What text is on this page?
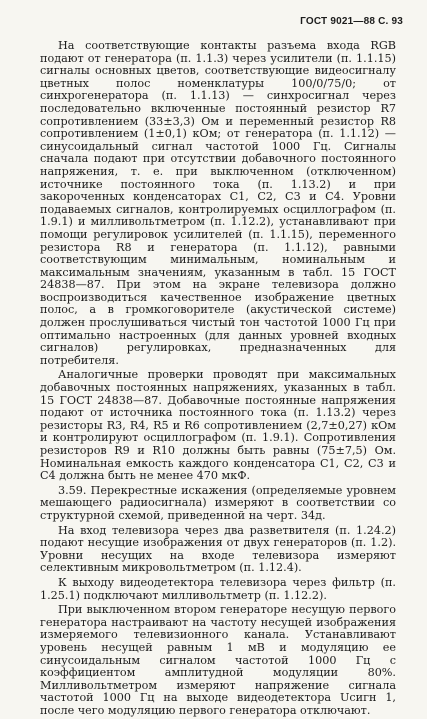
ГОСТ 9021—88 С. 93

На соответствующие контакты разъема входа RGB подают от генератора (п. 1.1.3) через усилители (п. 1.1.15) сигналы основных цветов, соответствующие видеосигналу цветных полос номенклатуры 100/0/75/0; от синхрогенератора (п. 1.1.13) — синхросигнал через последовательно включенные постоянный резистор R7 сопротивлением (33±3,3) Ом и переменный резистор R8 сопротивлением (1±0,1) кОм; от генератора (п. 1.1.12) — синусоидальный сигнал частотой 1000 Гц. Сигналы сначала подают при отсутствии добавочного постоянного напряжения, т. е. при выключенном (отключенном) источнике постоянного тока (п. 1.13.2) и при закороченных конденсаторах C1, C2, C3 и C4. Уровни подаваемых сигналов, контролируемых осциллографом (п. 1.9.1) и милливольтметром (п. 1.12.2), устанавливают при помощи регулировок усилителей (п. 1.1.15), переменного резистора R8 и генератора (п. 1.1.12), равными соответствующим минимальным, номинальным и максимальным значениям, указанным в табл. 15 ГОСТ 24838—87. При этом на экране телевизора должно воспроизводиться качественное изображение цветных полос, а в громкоговорителе (акустической системе) должен прослушиваться чистый тон частотой 1000 Гц при оптимально настроенных (для данных уровней входных сигналов) регулировках, предназначенных для потребителя.

Аналогичные проверки проводят при максимальных добавочных постоянных напряжениях, указанных в табл. 15 ГОСТ 24838—87. Добавочные постоянные напряжения подают от источника постоянного тока (п. 1.13.2) через резисторы R3, R4, R5 и R6 сопротивлением (2,7±0,27) кОм и контролируют осциллографом (п. 1.9.1). Сопротивления резисторов R9 и R10 должны быть равны (75±7,5) Ом. Номинальная емкость каждого конденсатора C1, C2, C3 и C4 должна быть не менее 470 мкФ.

3.59. Перекрестные искажения (определяемые уровнем мешающего радиосигнала) измеряют в соответствии со структурной схемой, приведенной на черт. 34д.

На вход телевизора через два разветвителя (п. 1.24.2) подают несущие изображения от двух генераторов (п. 1.2). Уровни несущих на входе телевизора измеряют селективным микровольтметром (п. 1.12.4).

К выходу видеодетектора телевизора через фильтр (п. 1.25.1) подключают милливольтметр (п. 1.12.2).

При выключенном втором генераторе несущую первого генератора настраивают на частоту несущей изображения измеряемого телевизионного канала. Устанавливают уровень несущей равным 1 мВ и модуляцию ее синусоидальным сигналом частотой 1000 Гц с коэффициентом амплитудной модуляции 80%. Милливольтметром измеряют напряжение сигнала частотой 1000 Гц на выходе видеодетектора Uсигн 1, после чего модуляцию первого генератора отключают.
